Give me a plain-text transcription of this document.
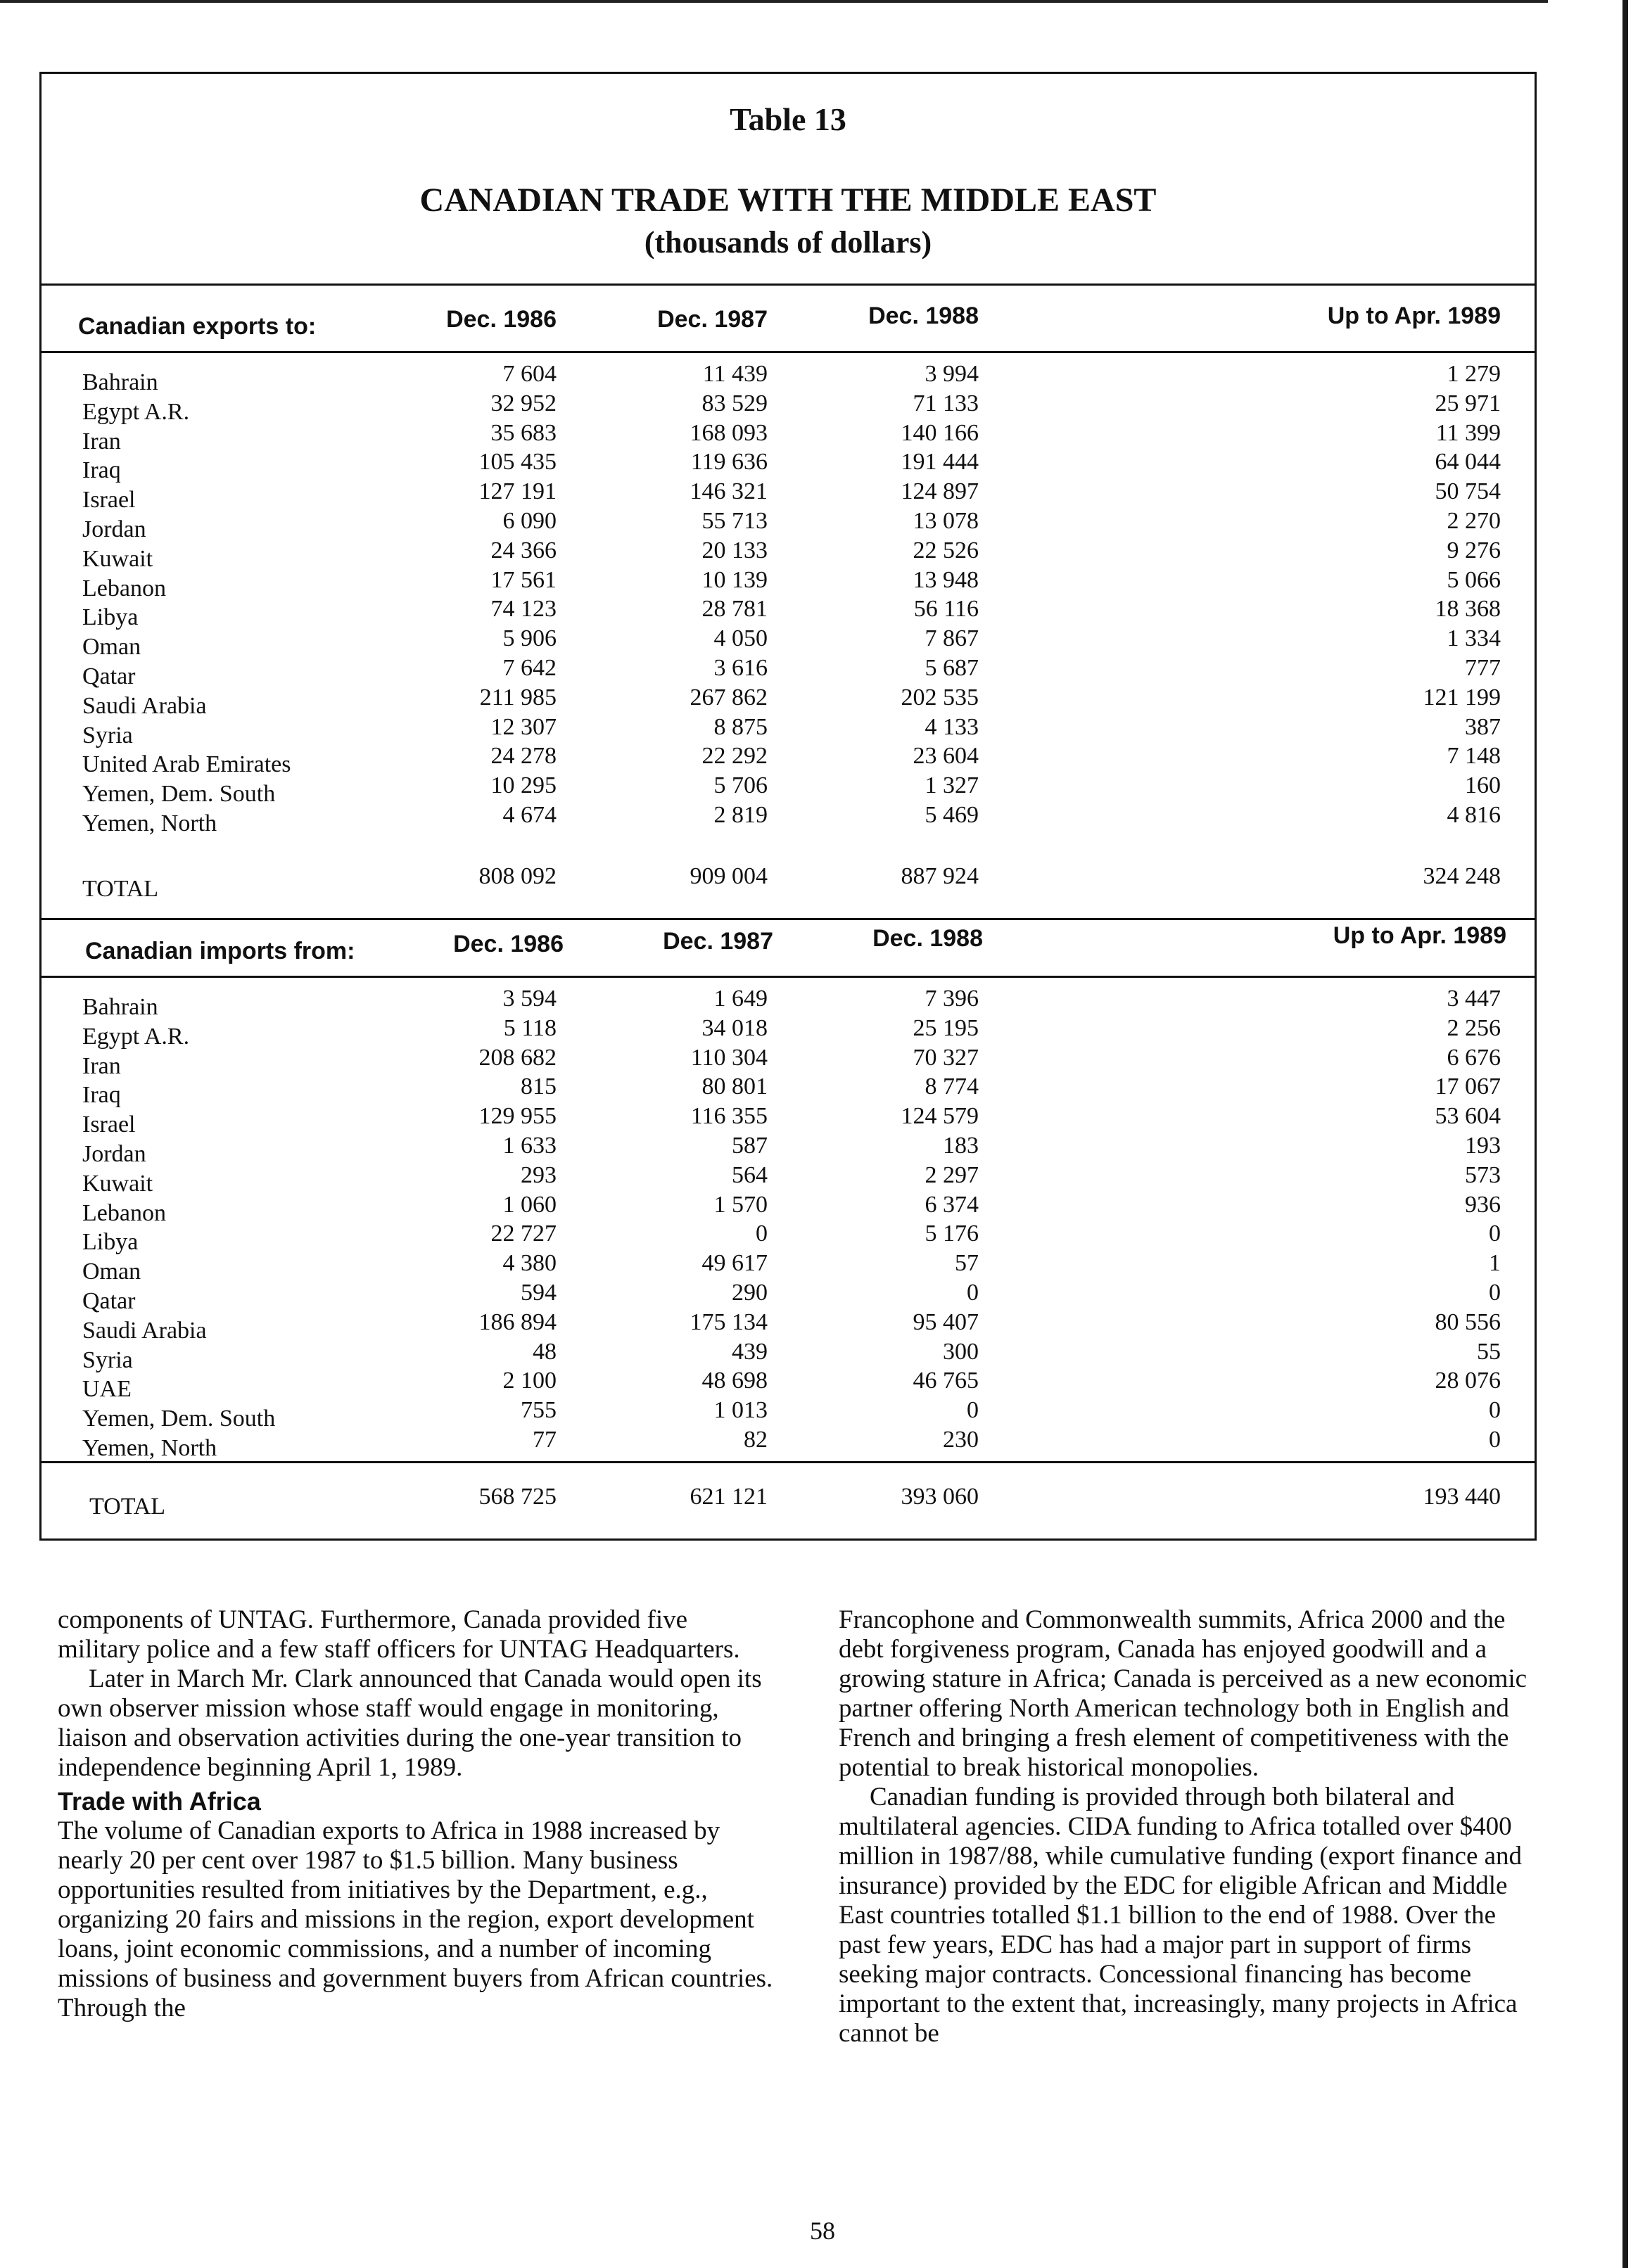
Table 13
CANADIAN TRADE WITH THE MIDDLE EAST
(thousands of dollars)
Canadian exports to:	Dec. 1986	Dec. 1987	Dec. 1988	Up to Apr. 1989
Bahrain	7 604	11 439	3 994	1 279
Egypt A.R.	32 952	83 529	71 133	25 971
Iran	35 683	168 093	140 166	11 399
Iraq	105 435	119 636	191 444	64 044
Israel	127 191	146 321	124 897	50 754
Jordan	6 090	55 713	13 078	2 270
Kuwait	24 366	20 133	22 526	9 276
Lebanon	17 561	10 139	13 948	5 066
Libya	74 123	28 781	56 116	18 368
Oman	5 906	4 050	7 867	1 334
Qatar	7 642	3 616	5 687	777
Saudi Arabia	211 985	267 862	202 535	121 199
Syria	12 307	8 875	4 133	387
United Arab Emirates	24 278	22 292	23 604	7 148
Yemen, Dem. South	10 295	5 706	1 327	160
Yemen, North	4 674	2 819	5 469	4 816
TOTAL	808 092	909 004	887 924	324 248
Canadian imports from:	Dec. 1986	Dec. 1987	Dec. 1988	Up to Apr. 1989
Bahrain	3 594	1 649	7 396	3 447
Egypt A.R.	5 118	34 018	25 195	2 256
Iran	208 682	110 304	70 327	6 676
Iraq	815	80 801	8 774	17 067
Israel	129 955	116 355	124 579	53 604
Jordan	1 633	587	183	193
Kuwait	293	564	2 297	573
Lebanon	1 060	1 570	6 374	936
Libya	22 727	0	5 176	0
Oman	4 380	49 617	57	1
Qatar	594	290	0	0
Saudi Arabia	186 894	175 134	95 407	80 556
Syria	48	439	300	55
UAE	2 100	48 698	46 765	28 076
Yemen, Dem. South	755	1 013	0	0
Yemen, North	77	82	230	0
TOTAL	568 725	621 121	393 060	193 440

components of UNTAG. Furthermore, Canada provided five military police and a few staff officers for UNTAG Headquarters.

Later in March Mr. Clark announced that Canada would open its own observer mission whose staff would engage in monitoring, liaison and observation activities during the one-year transition to independence beginning April 1, 1989.

Trade with Africa

The volume of Canadian exports to Africa in 1988 increased by nearly 20 per cent over 1987 to $1.5 billion. Many business opportunities resulted from initiatives by the Department, e.g., organizing 20 fairs and missions in the region, export development loans, joint economic commissions, and a number of incoming missions of business and government buyers from African countries. Through the

Francophone and Commonwealth summits, Africa 2000 and the debt forgiveness program, Canada has enjoyed goodwill and a growing stature in Africa; Canada is perceived as a new economic partner offering North American technology both in English and French and bringing a fresh element of competitiveness with the potential to break historical monopolies.

Canadian funding is provided through both bilateral and multilateral agencies. CIDA funding to Africa totalled over $400 million in 1987/88, while cumulative funding (export finance and insurance) provided by the EDC for eligible African and Middle East countries totalled $1.1 billion to the end of 1988. Over the past few years, EDC has had a major part in support of firms seeking major contracts. Concessional financing has become important to the extent that, increasingly, many projects in Africa cannot be

58
